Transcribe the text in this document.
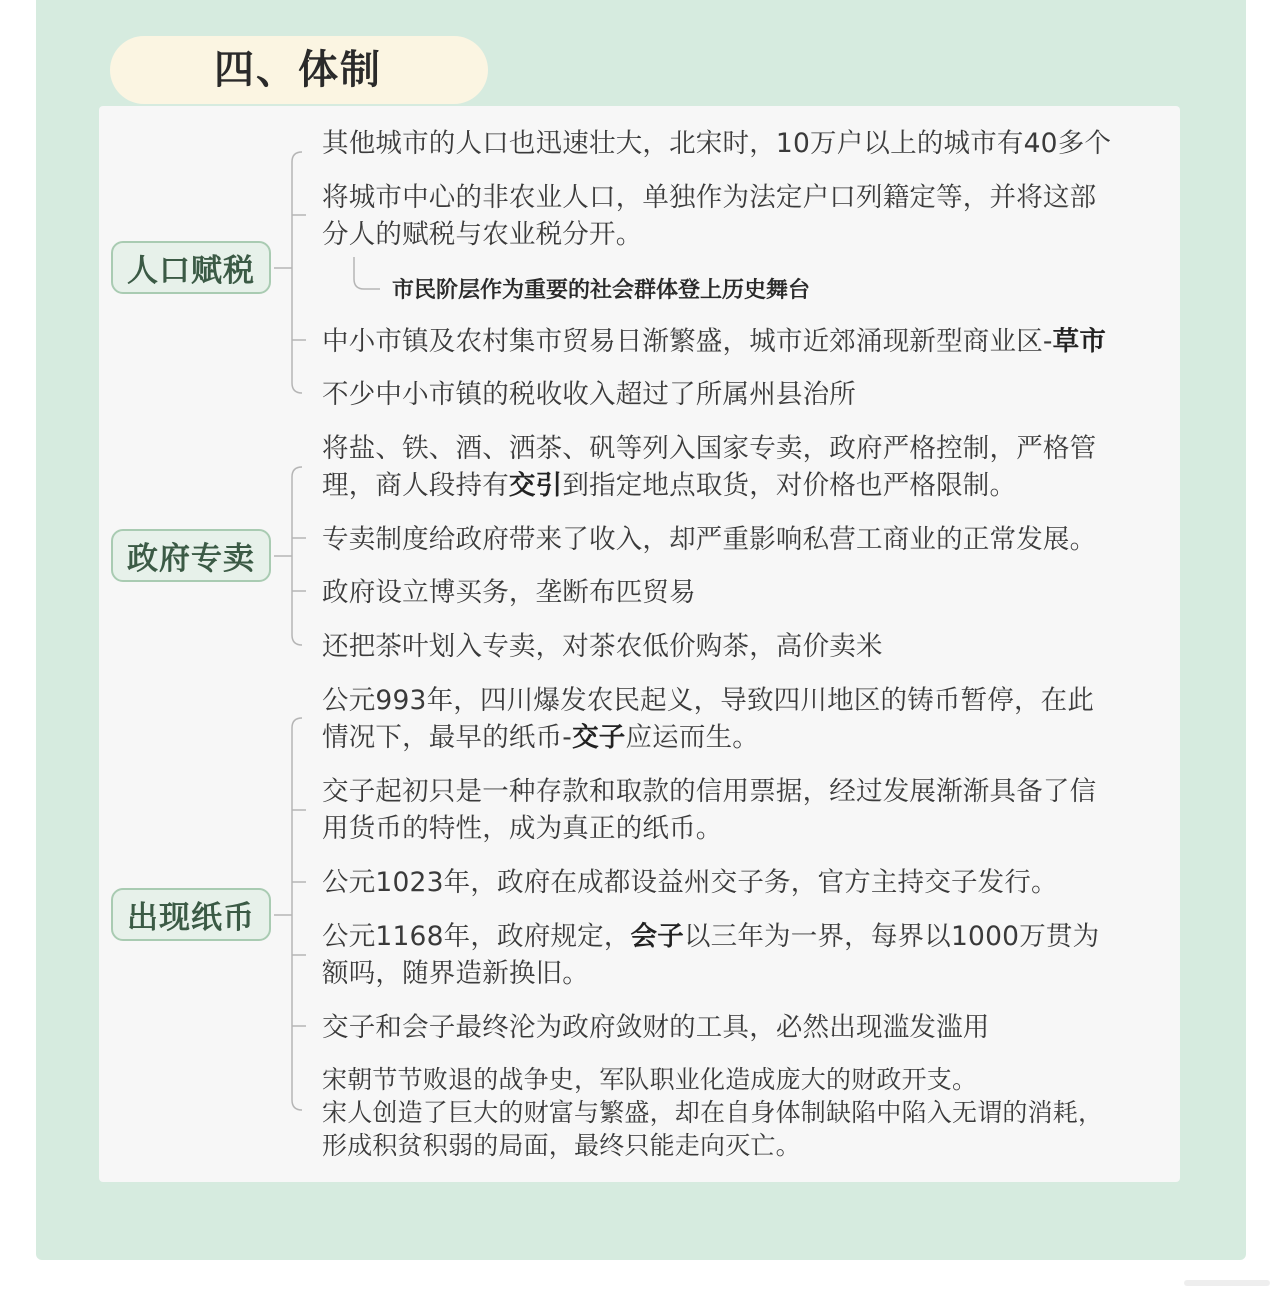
四、体制
人口赋税
政府专卖
出现纸币
其他城市的人口也迅速壮大，北宋时，10万户以上的城市有40多个
将城市中心的非农业人口，单独作为法定户口列籍定等，并将这部
分人的赋税与农业税分开。
市民阶层作为重要的社会群体登上历史舞台
中小市镇及农村集市贸易日渐繁盛，城市近郊涌现新型商业区-草市
不少中小市镇的税收收入超过了所属州县治所
将盐、铁、酒、洒茶、矾等列入国家专卖，政府严格控制，严格管
理，商人段持有交引到指定地点取货，对价格也严格限制。
专卖制度给政府带来了收入，却严重影响私营工商业的正常发展。
政府设立博买务，垄断布匹贸易
还把茶叶划入专卖，对茶农低价购茶，高价卖米
公元993年，四川爆发农民起义，导致四川地区的铸币暂停，在此
情况下，最早的纸币-交子应运而生。
交子起初只是一种存款和取款的信用票据，经过发展渐渐具备了信
用货币的特性，成为真正的纸币。
公元1023年，政府在成都设益州交子务，官方主持交子发行。
公元1168年，政府规定，会子以三年为一界，每界以1000万贯为
额吗，随界造新换旧。
交子和会子最终沦为政府敛财的工具，必然出现滥发滥用
宋朝节节败退的战争史，军队职业化造成庞大的财政开支。
宋人创造了巨大的财富与繁盛，却在自身体制缺陷中陷入无谓的消耗，
形成积贫积弱的局面，最终只能走向灭亡。
